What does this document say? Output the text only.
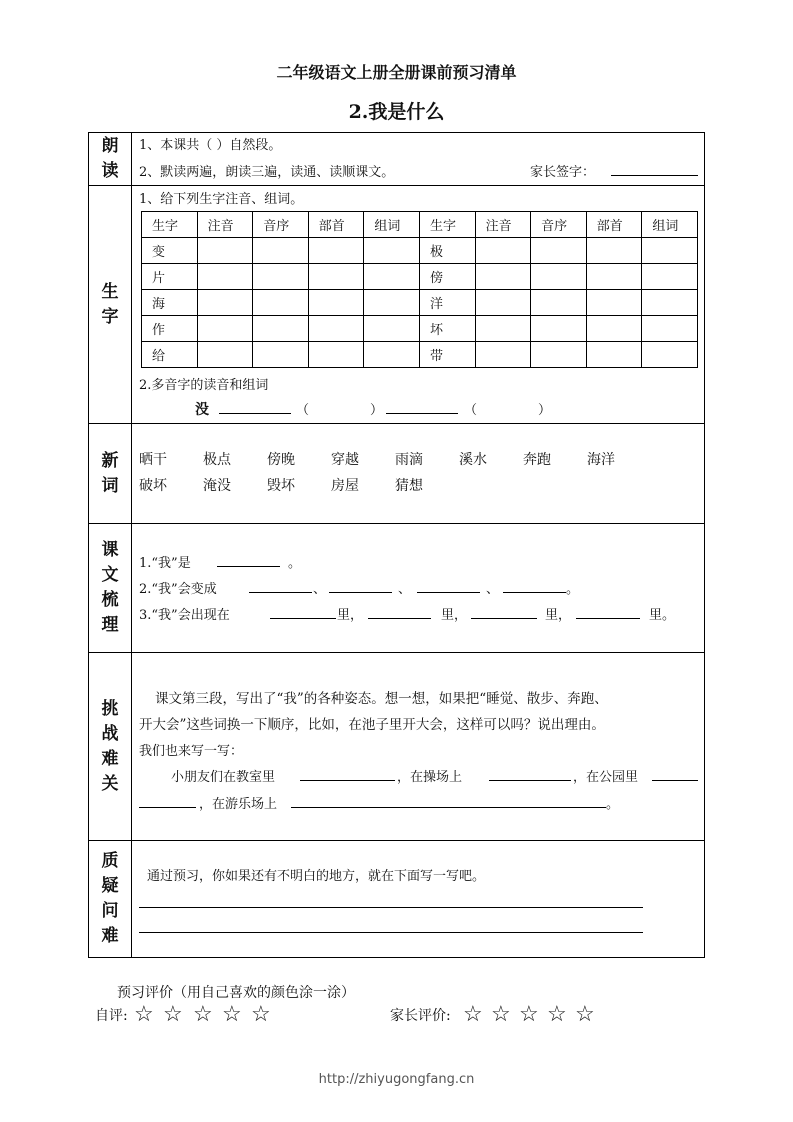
二年级语文上册全册课前预习清单
2.我是什么
朗
读
1、本课共（ ）自然段。
2、默读两遍，朗读三遍，读通、读顺课文。	家长签字：
生
字
1、给下列生字注音、组词。
生字	注音	音序	部首	组词	生字	注音	音序	部首	组词
变					极				
片					傍				
海					洋				
作					坏				
给					带				
2.多音字的读音和组词
没	（	）	（	）
新
词
晒干	极点	傍晚	穿越	雨滴	溪水	奔跑	海洋
破坏	淹没	毁坏	房屋	猜想
课
文
梳
理
1.“我”是	。
2.“我”会变成	、	、	、	。
3.“我”会出现在	里，	里，	里，	里。
挑
战
难
关
课文第三段，写出了“我”的各种姿态。想一想，如果把“睡觉、散步、奔跑、
开大会”这些词换一下顺序，比如，在池子里开大会，这样可以吗？说出理由。
我们也来写一写：
小朋友们在教室里	，在操场上	，在公园里
，在游乐场上	。
质
疑
问
难
通过预习，你如果还有不明白的地方，就在下面写一写吧。
预习评价（用自己喜欢的颜色涂一涂）
自评: ☆ ☆ ☆ ☆ ☆	家长评价: ☆ ☆ ☆ ☆ ☆
http://zhiyugongfang.cn
